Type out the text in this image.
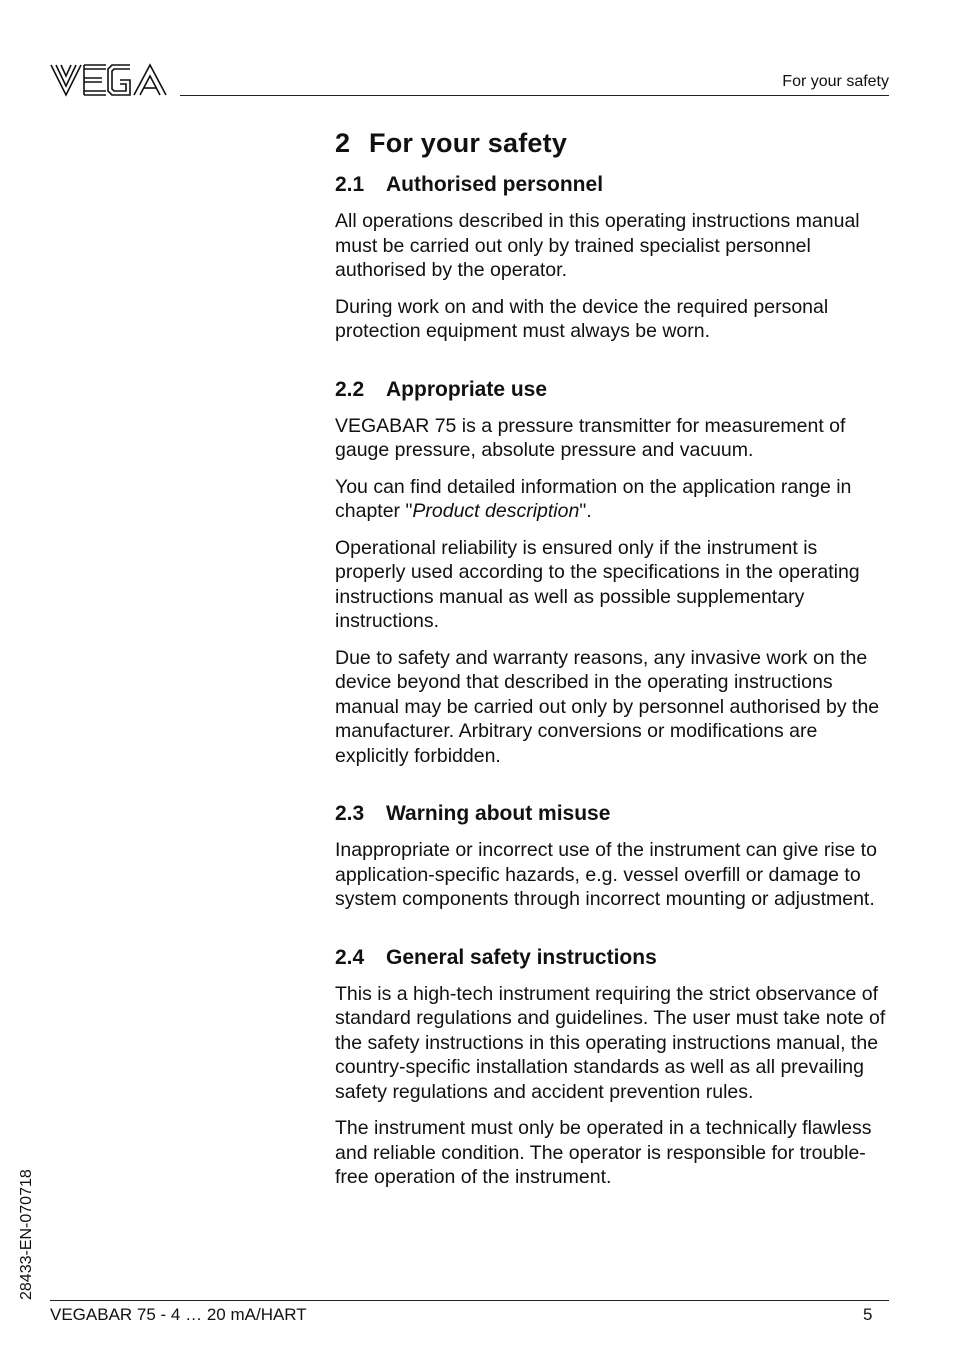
For your safety
2 For your safety
2.1 Authorised personnel

All operations described in this operating instructions manual must be carried out only by trained specialist personnel authorised by the operator.

During work on and with the device the required personal protection equipment must always be worn.

2.2 Appropriate use

VEGABAR 75 is a pressure transmitter for measurement of gauge pressure, absolute pressure and vacuum.

You can find detailed information on the application range in chapter "Product description".

Operational reliability is ensured only if the instrument is properly used according to the specifications in the operating instructions manual as well as possible supplementary instructions.

Due to safety and warranty reasons, any invasive work on the device beyond that described in the operating instructions manual may be carried out only by personnel authorised by the manufacturer. Arbitrary conversions or modifications are explicitly forbidden.

2.3 Warning about misuse

Inappropriate or incorrect use of the instrument can give rise to application-specific hazards, e.g. vessel overfill or damage to system components through incorrect mounting or adjustment.

2.4 General safety instructions

This is a high-tech instrument requiring the strict observance of standard regulations and guidelines. The user must take note of the safety instructions in this operating instructions manual, the country-specific installation standards as well as all prevailing safety regulations and accident prevention rules.

The instrument must only be operated in a technically flawless and reliable condition. The operator is responsible for trouble-free operation of the instrument.

28433-EN-070718
VEGABAR 75 - 4 … 20 mA/HART	5
